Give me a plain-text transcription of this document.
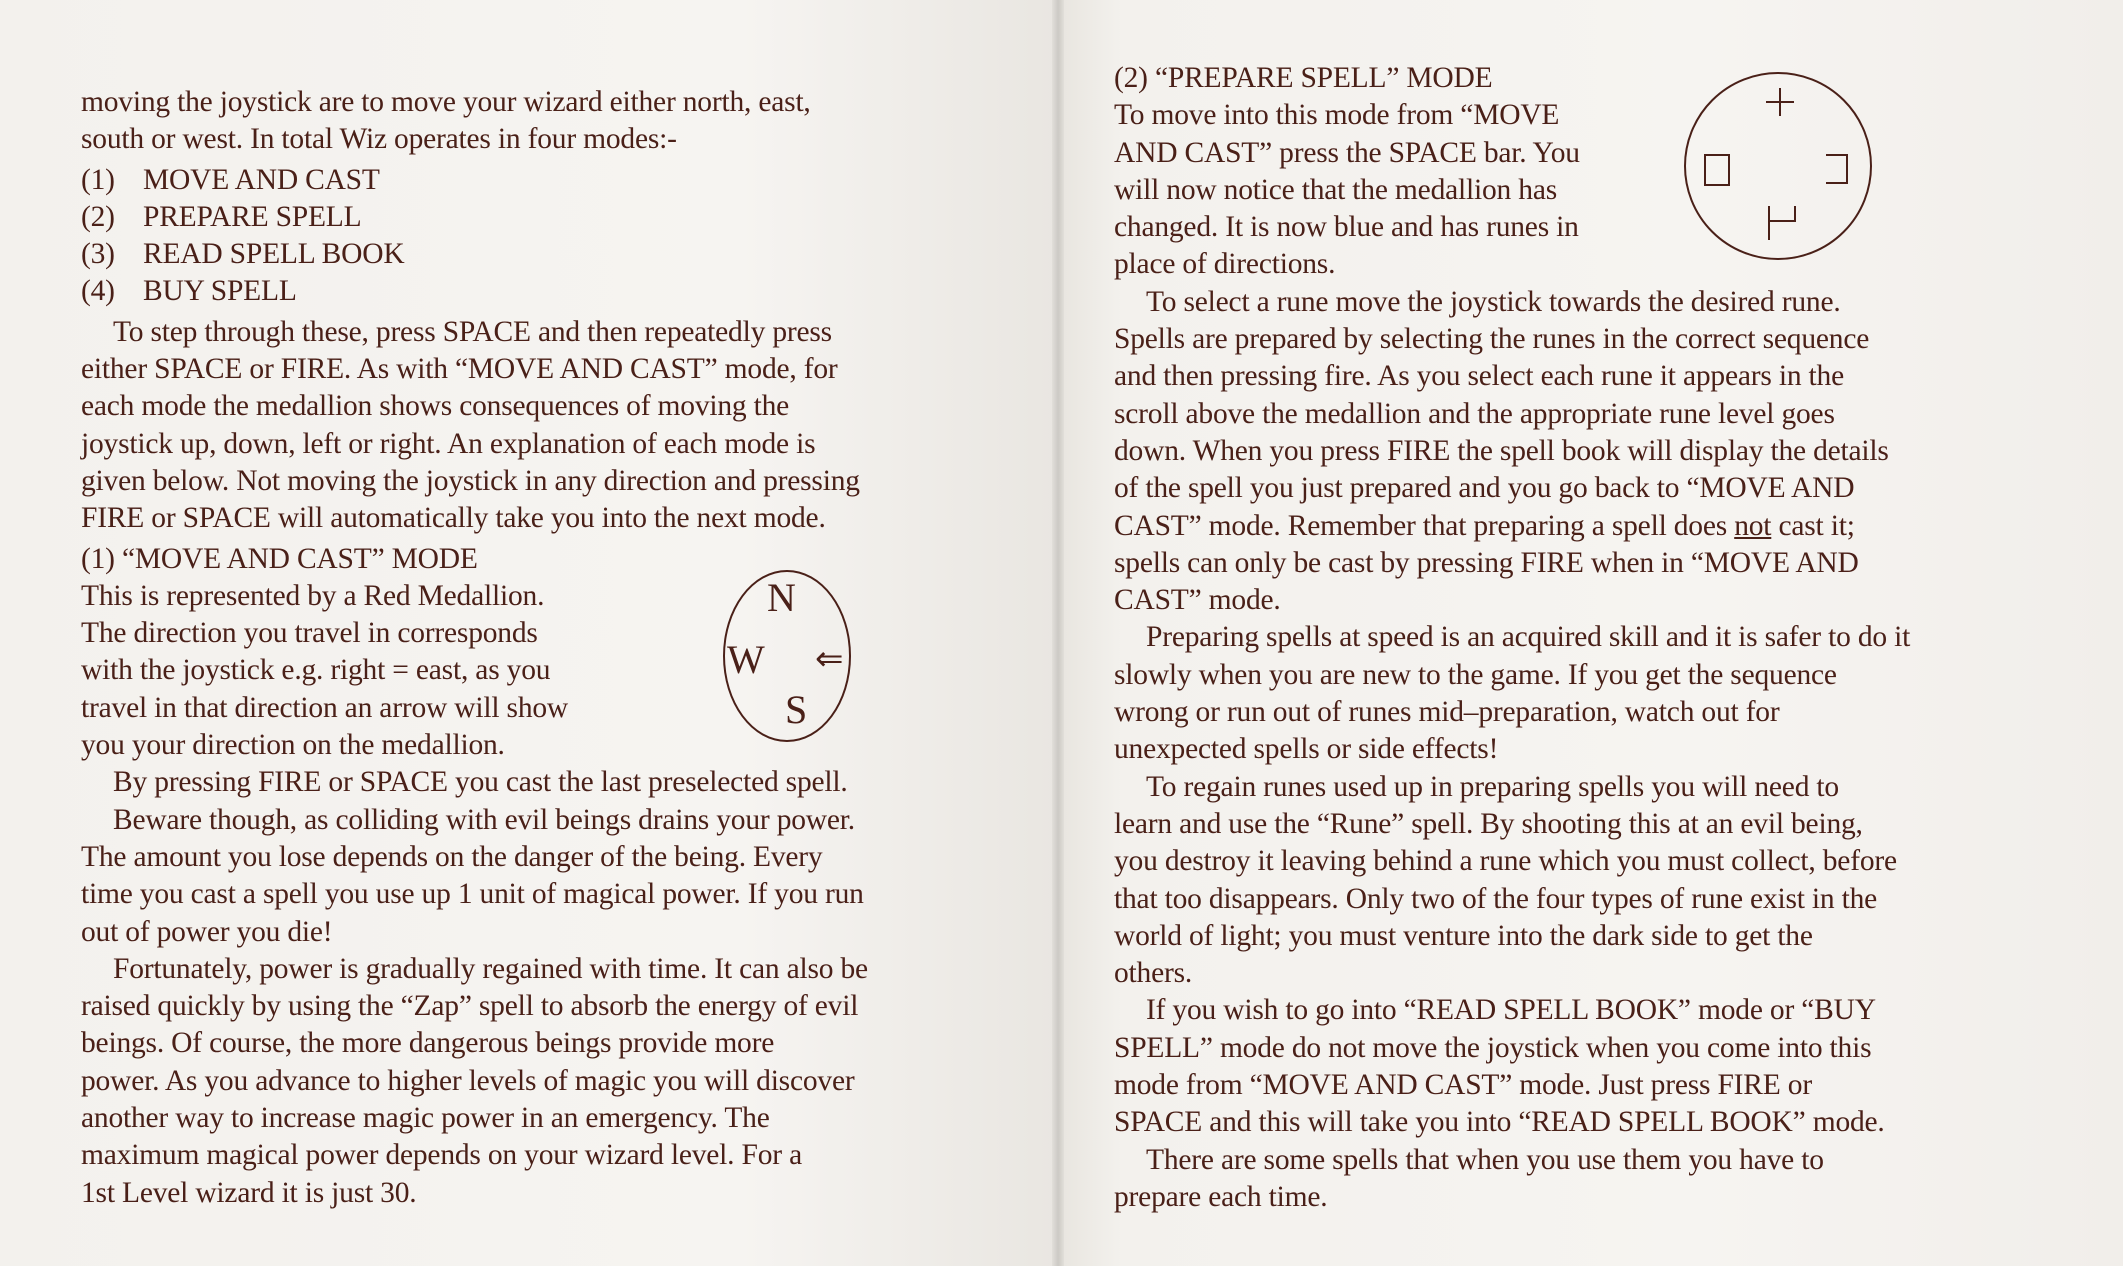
moving the joystick are to move your wizard either north, east,

south or west. In total Wiz operates in four modes:-

(1) MOVE AND CAST
(2) PREPARE SPELL
(3) READ SPELL BOOK
(4) BUY SPELL

To step through these, press SPACE and then repeatedly press

either SPACE or FIRE. As with “MOVE AND CAST” mode, for

each mode the medallion shows consequences of moving the

joystick up, down, left or right. An explanation of each mode is

given below. Not moving the joystick in any direction and pressing

FIRE or SPACE will automatically take you into the next mode.

(1) “MOVE AND CAST” MODE

This is represented by a Red Medallion.

The direction you travel in corresponds

with the joystick e.g. right = east, as you

travel in that direction an arrow will show

you your direction on the medallion.

By pressing FIRE or SPACE you cast the last preselected spell.

Beware though, as colliding with evil beings drains your power.

The amount you lose depends on the danger of the being. Every

time you cast a spell you use up 1 unit of magical power. If you run

out of power you die!

Fortunately, power is gradually regained with time. It can also be

raised quickly by using the “Zap” spell to absorb the energy of evil

beings. Of course, the more dangerous beings provide more

power. As you advance to higher levels of magic you will discover

another way to increase magic power in an emergency. The

maximum magical power depends on your wizard level. For a

1st Level wizard it is just 30.

N
W
S
⇐

(2) “PREPARE SPELL” MODE

To move into this mode from “MOVE

AND CAST” press the SPACE bar. You

will now notice that the medallion has

changed. It is now blue and has runes in

place of directions.

To select a rune move the joystick towards the desired rune.

Spells are prepared by selecting the runes in the correct sequence

and then pressing fire. As you select each rune it appears in the

scroll above the medallion and the appropriate rune level goes

down. When you press FIRE the spell book will display the details

of the spell you just prepared and you go back to “MOVE AND

CAST” mode. Remember that preparing a spell does not cast it;

spells can only be cast by pressing FIRE when in “MOVE AND

CAST” mode.

Preparing spells at speed is an acquired skill and it is safer to do it

slowly when you are new to the game. If you get the sequence

wrong or run out of runes mid–preparation, watch out for

unexpected spells or side effects!

To regain runes used up in preparing spells you will need to

learn and use the “Rune” spell. By shooting this at an evil being,

you destroy it leaving behind a rune which you must collect, before

that too disappears. Only two of the four types of rune exist in the

world of light; you must venture into the dark side to get the

others.

If you wish to go into “READ SPELL BOOK” mode or “BUY

SPELL” mode do not move the joystick when you come into this

mode from “MOVE AND CAST” mode. Just press FIRE or

SPACE and this will take you into “READ SPELL BOOK” mode.

There are some spells that when you use them you have to

prepare each time.
